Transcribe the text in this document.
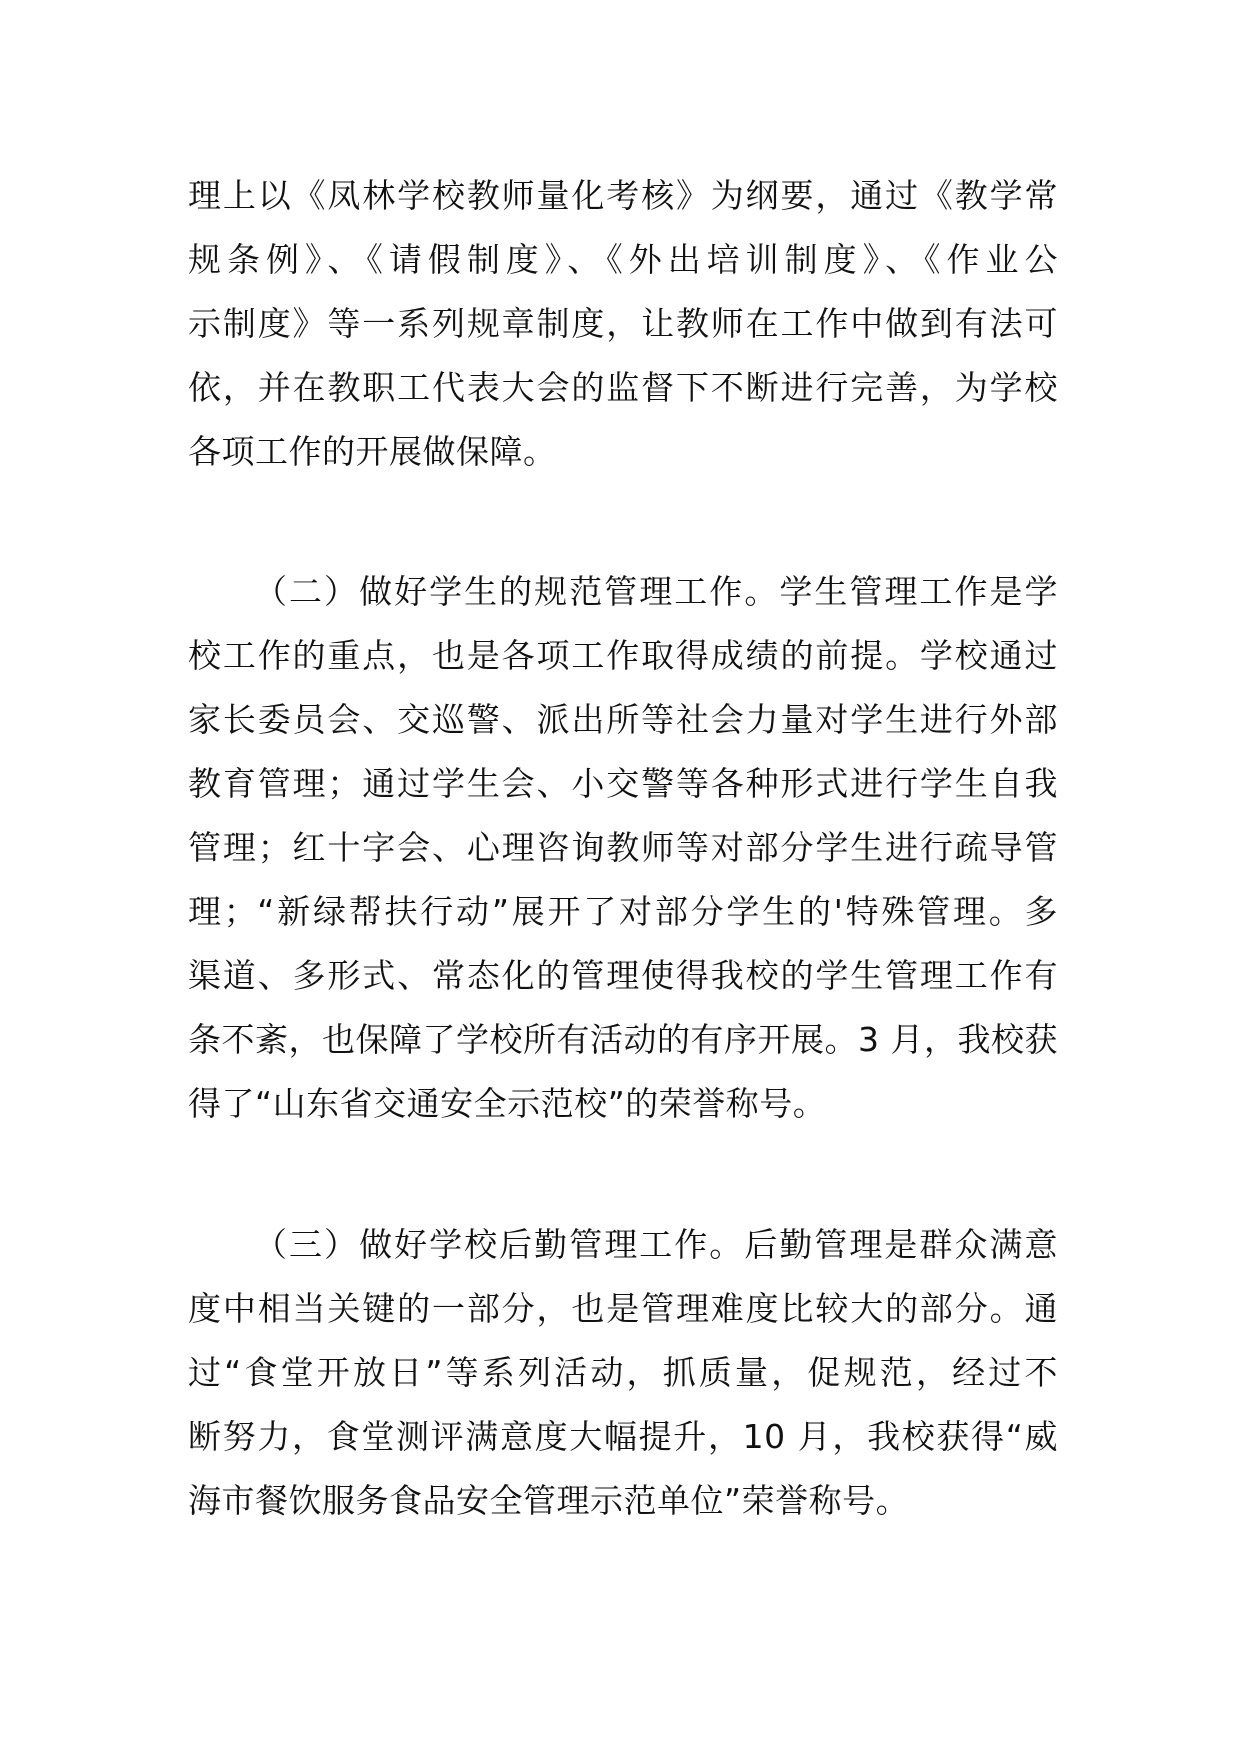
理上以《凤林学校教师量化考核》为纲要，通过《教学常
规条例》、《请假制度》、《外出培训制度》、《作业公
示制度》等一系列规章制度，让教师在工作中做到有法可
依，并在教职工代表大会的监督下不断进行完善，为学校
各项工作的开展做保障。
（二）做好学生的规范管理工作。学生管理工作是学
校工作的重点，也是各项工作取得成绩的前提。学校通过
家长委员会、交巡警、派出所等社会力量对学生进行外部
教育管理；通过学生会、小交警等各种形式进行学生自我
管理；红十字会、心理咨询教师等对部分学生进行疏导管
理；“新绿帮扶行动”展开了对部分学生的'特殊管理。多
渠道、多形式、常态化的管理使得我校的学生管理工作有
条不紊，也保障了学校所有活动的有序开展。3 月，我校获
得了“山东省交通安全示范校”的荣誉称号。
（三）做好学校后勤管理工作。后勤管理是群众满意
度中相当关键的一部分，也是管理难度比较大的部分。通
过“食堂开放日”等系列活动，抓质量，促规范，经过不
断努力，食堂测评满意度大幅提升，10 月，我校获得“威
海市餐饮服务食品安全管理示范单位”荣誉称号。
